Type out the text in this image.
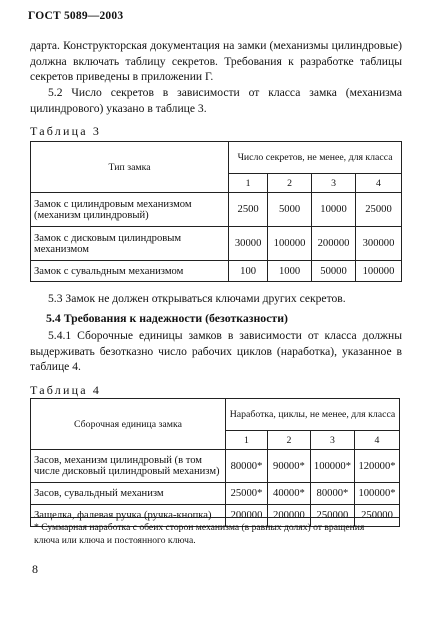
ГОСТ 5089—2003

дарта. Конструкторская документация на замки (механизмы цилиндровые) должна включать таблицу секретов. Требования к разработке таблицы секретов приведены в приложении Г.

5.2 Число секретов в зависимости от класса замка (механизма цилиндрового) указано в таблице 3.

Таблица 3
Тип замка	Число секретов, не менее, для класса			
	1	2	3	4
Замок с цилиндровым механизмом (механизм цилиндровый)	2500	5000	10000	25000
Замок с дисковым цилиндровым механизмом	30000	100000	200000	300000
Замок с сувальдным механизмом	100	1000	50000	100000

5.3 Замок не должен открываться ключами других секретов.

5.4 Требования к надежности (безотказности)

5.4.1 Сборочные единицы замков в зависимости от класса должны выдерживать безотказно число рабочих циклов (наработка), указанное в таблице 4.

Таблица 4
Сборочная единица замка	Наработка, циклы, не менее, для класса			
	1	2	3	4
Засов, механизм цилиндровый (в том числе дисковый цилиндровый механизм)	80000*	90000*	100000*	120000*
Засов, сувальдный механизм	25000*	40000*	80000*	100000*
Защелка, фалевая ручка (ручка-кнопка)	200000	200000	250000	250000

* Суммарная наработка с обеих сторон механизма (в равных долях) от вращения ключа или ключа и постоянного ключа.

8
